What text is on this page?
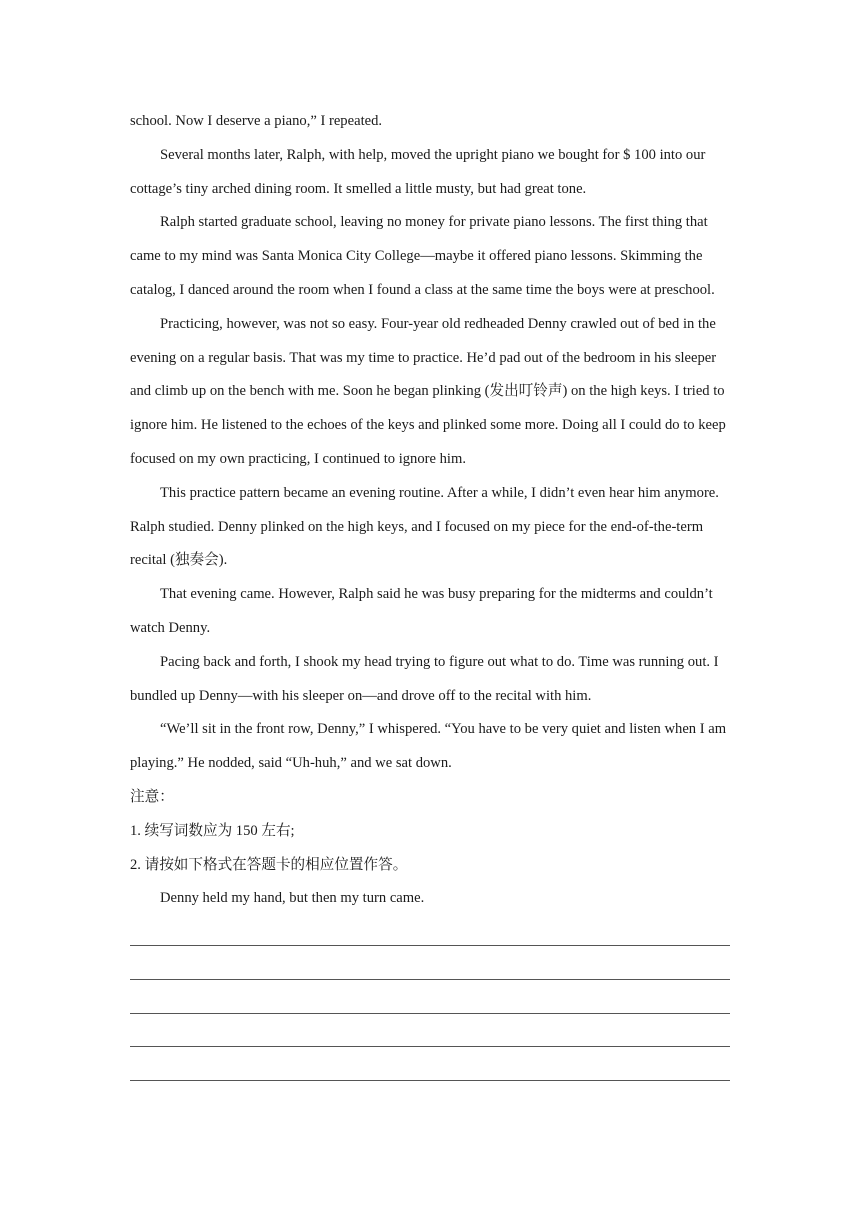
school. Now I deserve a piano,” I repeated.

Several months later, Ralph, with help, moved the upright piano we bought for $ 100 into our cottage’s tiny arched dining room. It smelled a little musty, but had great tone.

Ralph started graduate school, leaving no money for private piano lessons. The first thing that came to my mind was Santa Monica City College—maybe it offered piano lessons. Skimming the catalog, I danced around the room when I found a class at the same time the boys were at preschool.

Practicing, however, was not so easy. Four-year old redheaded Denny crawled out of bed in the evening on a regular basis. That was my time to practice. He’d pad out of the bedroom in his sleeper and climb up on the bench with me. Soon he began plinking (发出叮铃声) on the high keys. I tried to ignore him. He listened to the echoes of the keys and plinked some more. Doing all I could do to keep focused on my own practicing, I continued to ignore him.

This practice pattern became an evening routine. After a while, I didn’t even hear him anymore. Ralph studied. Denny plinked on the high keys, and I focused on my piece for the end-of-the-term recital (独奏会).

That evening came. However, Ralph said he was busy preparing for the midterms and couldn’t watch Denny.

Pacing back and forth, I shook my head trying to figure out what to do. Time was running out. I bundled up Denny—with his sleeper on—and drove off to the recital with him.

“We’ll sit in the front row, Denny,” I whispered. “You have to be very quiet and listen when I am playing.” He nodded, said “Uh-huh,” and we sat down.

注意：

1. 续写词数应为 150 左右;

2. 请按如下格式在答题卡的相应位置作答。

Denny held my hand, but then my turn came.
